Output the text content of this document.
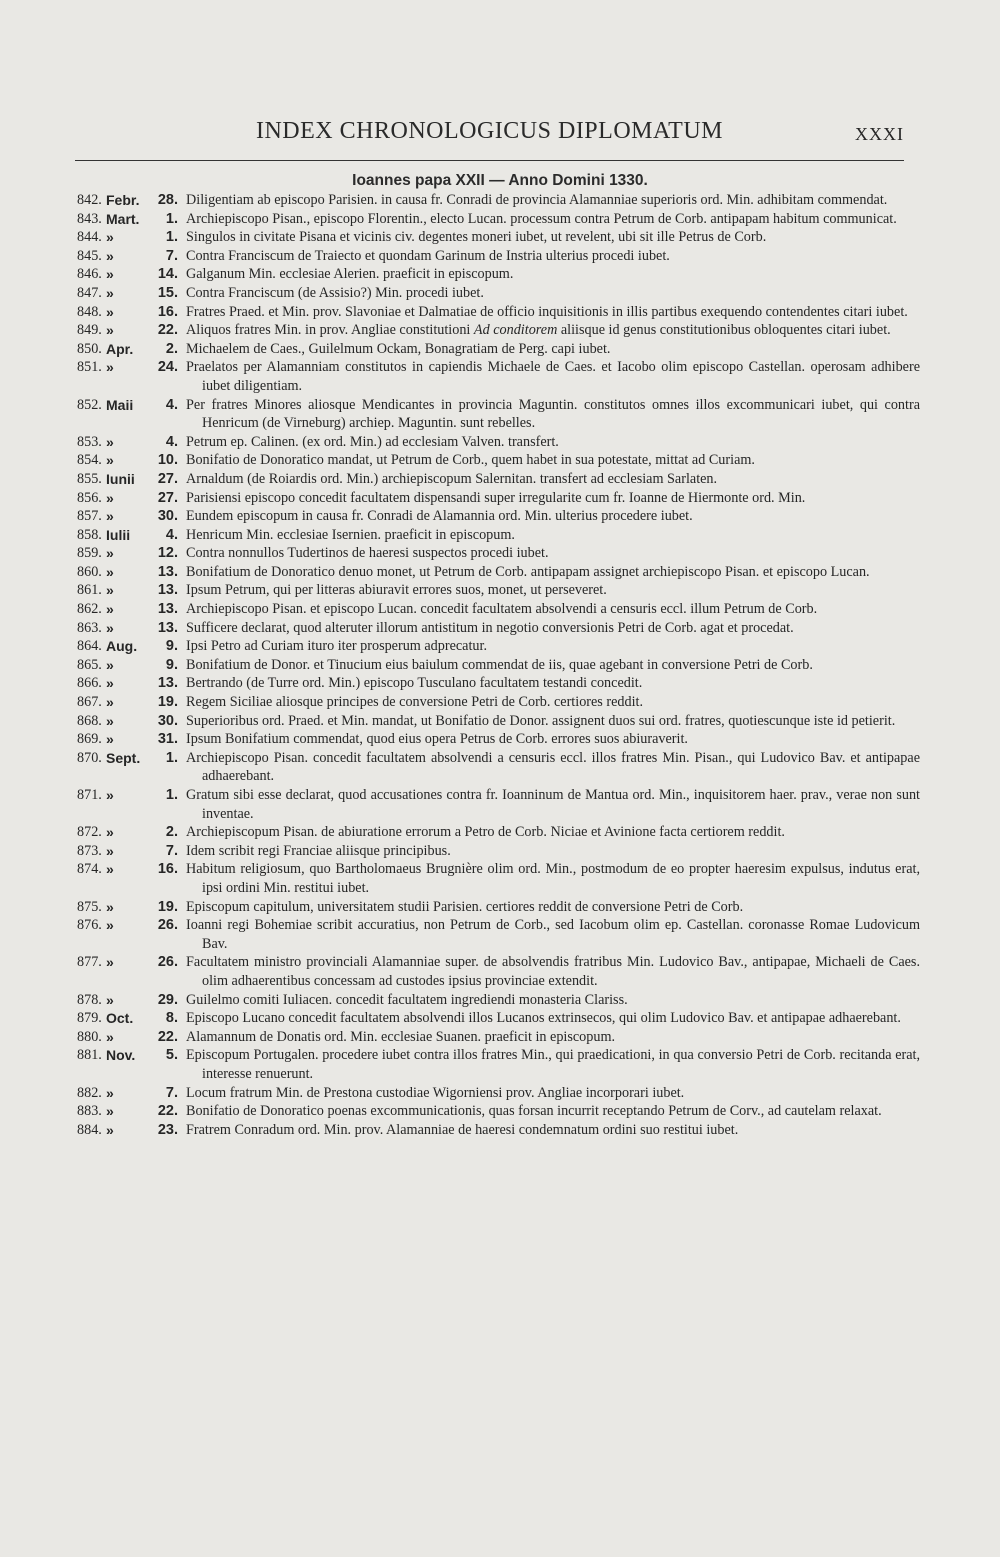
INDEX CHRONOLOGICUS DIPLOMATUM	XXXI
Ioannes papa XXII — Anno Domini 1330.
842. Febr.	28. Diligentiam ab episcopo Parisien. in causa fr. Conradi de provincia Alamanniae superioris ord. Min. adhibitam commendat.
843. Mart.	1. Archiepiscopo Pisan., episcopo Florentin., electo Lucan. processum contra Petrum de Corb. antipapam habitum communicat.
844. »	1. Singulos in civitate Pisana et vicinis civ. degentes moneri iubet, ut revelent, ubi sit ille Petrus de Corb.
845. »	7. Contra Franciscum de Traiecto et quondam Garinum de Instria ulterius procedi iubet.
846. »	14. Galganum Min. ecclesiae Alerien. praeficit in episcopum.
847. »	15. Contra Franciscum (de Assisio?) Min. procedi iubet.
848. »	16. Fratres Praed. et Min. prov. Slavoniae et Dalmatiae de officio inquisitionis in illis partibus exequendo contendentes citari iubet.
849. »	22. Aliquos fratres Min. in prov. Angliae constitutioni Ad conditorem aliisque id genus constitutionibus obloquentes citari iubet.
850. Apr.	2. Michaelem de Caes., Guilelmum Ockam, Bonagratiam de Perg. capi iubet.
851. »	24. Praelatos per Alamanniam constitutos in capiendis Michaele de Caes. et Iacobo olim episcopo Castellan. operosam adhibere iubet diligentiam.
852. Maii	4. Per fratres Minores aliosque Mendicantes in provincia Maguntin. constitutos omnes illos excommunicari iubet, qui contra Henricum (de Virneburg) archiep. Maguntin. sunt rebelles.
853. »	4. Petrum ep. Calinen. (ex ord. Min.) ad ecclesiam Valven. transfert.
854. »	10. Bonifatio de Donoratico mandat, ut Petrum de Corb., quem habet in sua potestate, mittat ad Curiam.
855. Iunii	27. Arnaldum (de Roiardis ord. Min.) archiepiscopum Salernitan. transfert ad ecclesiam Sarlaten.
856. »	27. Parisiensi episcopo concedit facultatem dispensandi super irregularite cum fr. Ioanne de Hiermonte ord. Min.
857. »	30. Eundem episcopum in causa fr. Conradi de Alamannia ord. Min. ulterius procedere iubet.
858. Iulii	4. Henricum Min. ecclesiae Isernien. praeficit in episcopum.
859. »	12. Contra nonnullos Tudertinos de haeresi suspectos procedi iubet.
860. »	13. Bonifatium de Donoratico denuo monet, ut Petrum de Corb. antipapam assignet archiepiscopo Pisan. et episcopo Lucan.
861. »	13. Ipsum Petrum, qui per litteras abiuravit errores suos, monet, ut perseveret.
862. »	13. Archiepiscopo Pisan. et episcopo Lucan. concedit facultatem absolvendi a censuris eccl. illum Petrum de Corb.
863. »	13. Sufficere declarat, quod alteruter illorum antistitum in negotio conversionis Petri de Corb. agat et procedat.
864. Aug.	9. Ipsi Petro ad Curiam ituro iter prosperum adprecatur.
865. »	9. Bonifatium de Donor. et Tinucium eius baiulum commendat de iis, quae agebant in conversione Petri de Corb.
866. »	13. Bertrando (de Turre ord. Min.) episcopo Tusculano facultatem testandi concedit.
867. »	19. Regem Siciliae aliosque principes de conversione Petri de Corb. certiores reddit.
868. »	30. Superioribus ord. Praed. et Min. mandat, ut Bonifatio de Donor. assignent duos sui ord. fratres, quotiescunque iste id petierit.
869. »	31. Ipsum Bonifatium commendat, quod eius opera Petrus de Corb. errores suos abiuraverit.
870. Sept.	1. Archiepiscopo Pisan. concedit facultatem absolvendi a censuris eccl. illos fratres Min. Pisan., qui Ludovico Bav. et antipapae adhaerebant.
871. »	1. Gratum sibi esse declarat, quod accusationes contra fr. Ioanninum de Mantua ord. Min., inquisitorem haer. prav., verae non sunt inventae.
872. »	2. Archiepiscopum Pisan. de abiuratione errorum a Petro de Corb. Niciae et Avinione facta certiorem reddit.
873. »	7. Idem scribit regi Franciae aliisque principibus.
874. »	16. Habitum religiosum, quo Bartholomaeus Brugnière olim ord. Min., postmodum de eo propter haeresim expulsus, indutus erat, ipsi ordini Min. restitui iubet.
875. »	19. Episcopum capitulum, universitatem studii Parisien. certiores reddit de conversione Petri de Corb.
876. »	26. Ioanni regi Bohemiae scribit accuratius, non Petrum de Corb., sed Iacobum olim ep. Castellan. coronasse Romae Ludovicum Bav.
877. »	26. Facultatem ministro provinciali Alamanniae super. de absolvendis fratribus Min. Ludovico Bav., antipapae, Michaeli de Caes. olim adhaerentibus concessam ad custodes ipsius provinciae extendit.
878. »	29. Guilelmo comiti Iuliacen. concedit facultatem ingrediendi monasteria Clariss.
879. Oct.	8. Episcopo Lucano concedit facultatem absolvendi illos Lucanos extrinsecos, qui olim Ludovico Bav. et antipapae adhaerebant.
880. »	22. Alamannum de Donatis ord. Min. ecclesiae Suanen. praeficit in episcopum.
881. Nov.	5. Episcopum Portugalen. procedere iubet contra illos fratres Min., qui praedicationi, in qua conversio Petri de Corb. recitanda erat, interesse renuerunt.
882. »	7. Locum fratrum Min. de Prestona custodiae Wigorniensi prov. Angliae incorporari iubet.
883. »	22. Bonifatio de Donoratico poenas excommunicationis, quas forsan incurrit receptando Petrum de Corv., ad cautelam relaxat.
884. »	23. Fratrem Conradum ord. Min. prov. Alamanniae de haeresi condemnatum ordini suo restitui iubet.
